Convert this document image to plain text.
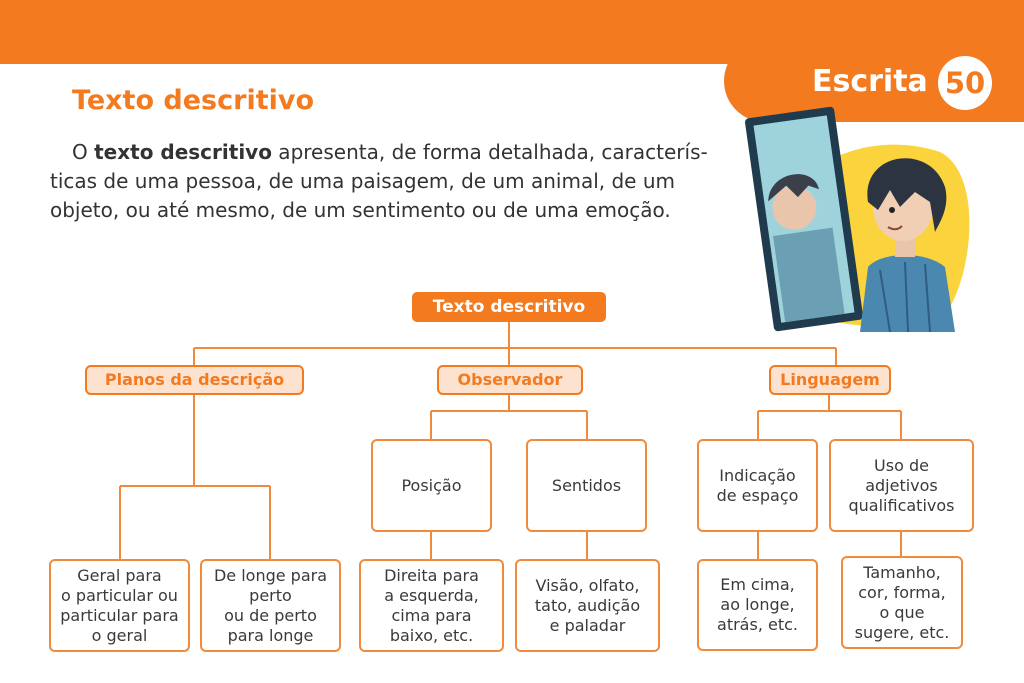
Escrita 50
Texto descritivo
O texto descritivo apresenta, de forma detalhada, caracterís-
ticas de uma pessoa, de uma paisagem, de um animal, de um
objeto, ou até mesmo, de um sentimento ou de uma emoção.
Texto descritivo
Planos da descrição	Observador	Linguagem
Posição	Sentidos
Indicação
de espaço
Uso de
adjetivos
qualificativos
Geral para
o particular ou
particular para
o geral
De longe para
perto
ou de perto
para longe
Direita para
a esquerda,
cima para
baixo, etc.
Visão, olfato,
tato, audição
e paladar
Em cima,
ao longe,
atrás, etc.
Tamanho,
cor, forma,
o que
sugere, etc.
